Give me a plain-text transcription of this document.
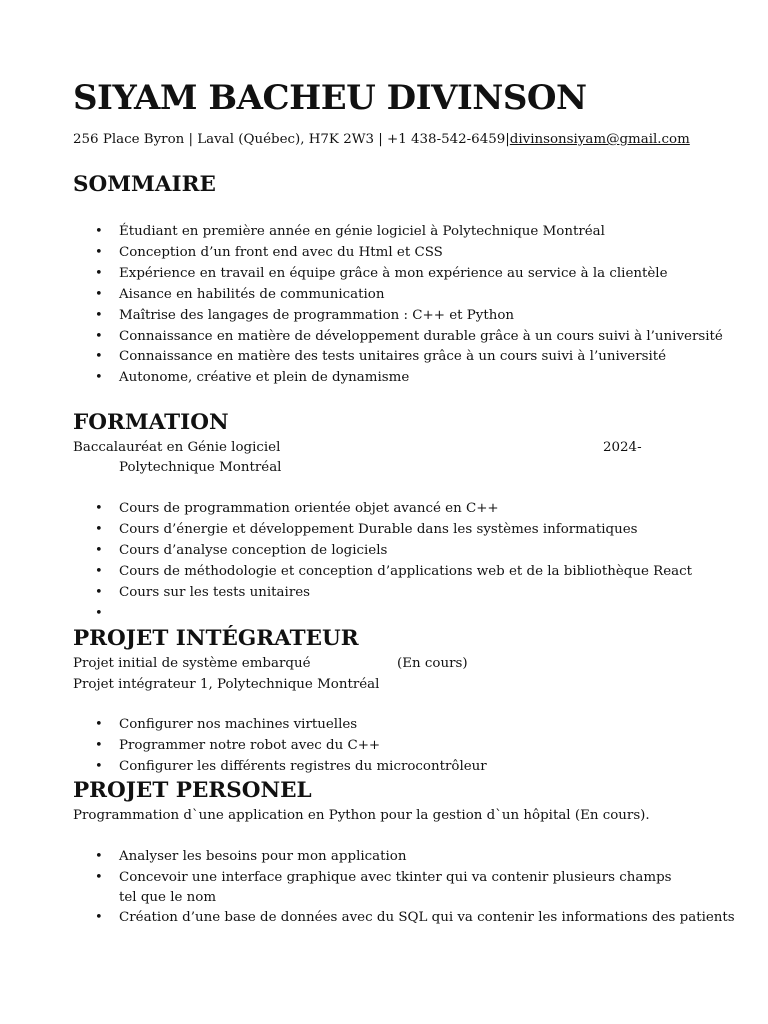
SIYAM BACHEU DIVINSON
256 Place Byron | Laval (Québec), H7K 2W3 | +1 438-542-6459|divinsonsiyam@gmail.com
SOMMAIRE
• Étudiant en première année en génie logiciel à Polytechnique Montréal
• Conception d’un front end avec du Html et CSS
• Expérience en travail en équipe grâce à mon expérience au service à la clientèle
• Aisance en habilités de communication
• Maîtrise des langages de programmation : C++ et Python
• Connaissance en matière de développement durable grâce à un cours suivi à l’université
• Connaissance en matière des tests unitaires grâce à un cours suivi à l’université
• Autonome, créative et plein de dynamisme
FORMATION
Baccalauréat en Génie logiciel	2024-
Polytechnique Montréal
• Cours de programmation orientée objet avancé en C++
• Cours d’énergie et développement Durable dans les systèmes informatiques
• Cours d’analyse conception de logiciels
• Cours de méthodologie et conception d’applications web et de la bibliothèque React
• Cours sur les tests unitaires
PROJET INTÉGRATEUR
Projet initial de système embarqué	(En cours)
Projet intégrateur 1, Polytechnique Montréal
• Configurer nos machines virtuelles
• Programmer notre robot avec du C++
• Configurer les différents registres du microcontrôleur
PROJET PERSONEL
Programmation d`une application en Python pour la gestion d`un hôpital (En cours).
• Analyser les besoins pour mon application
• Concevoir une interface graphique avec tkinter qui va contenir plusieurs champs tel que le nom
• Création d’une base de données avec du SQL qui va contenir les informations des patients
